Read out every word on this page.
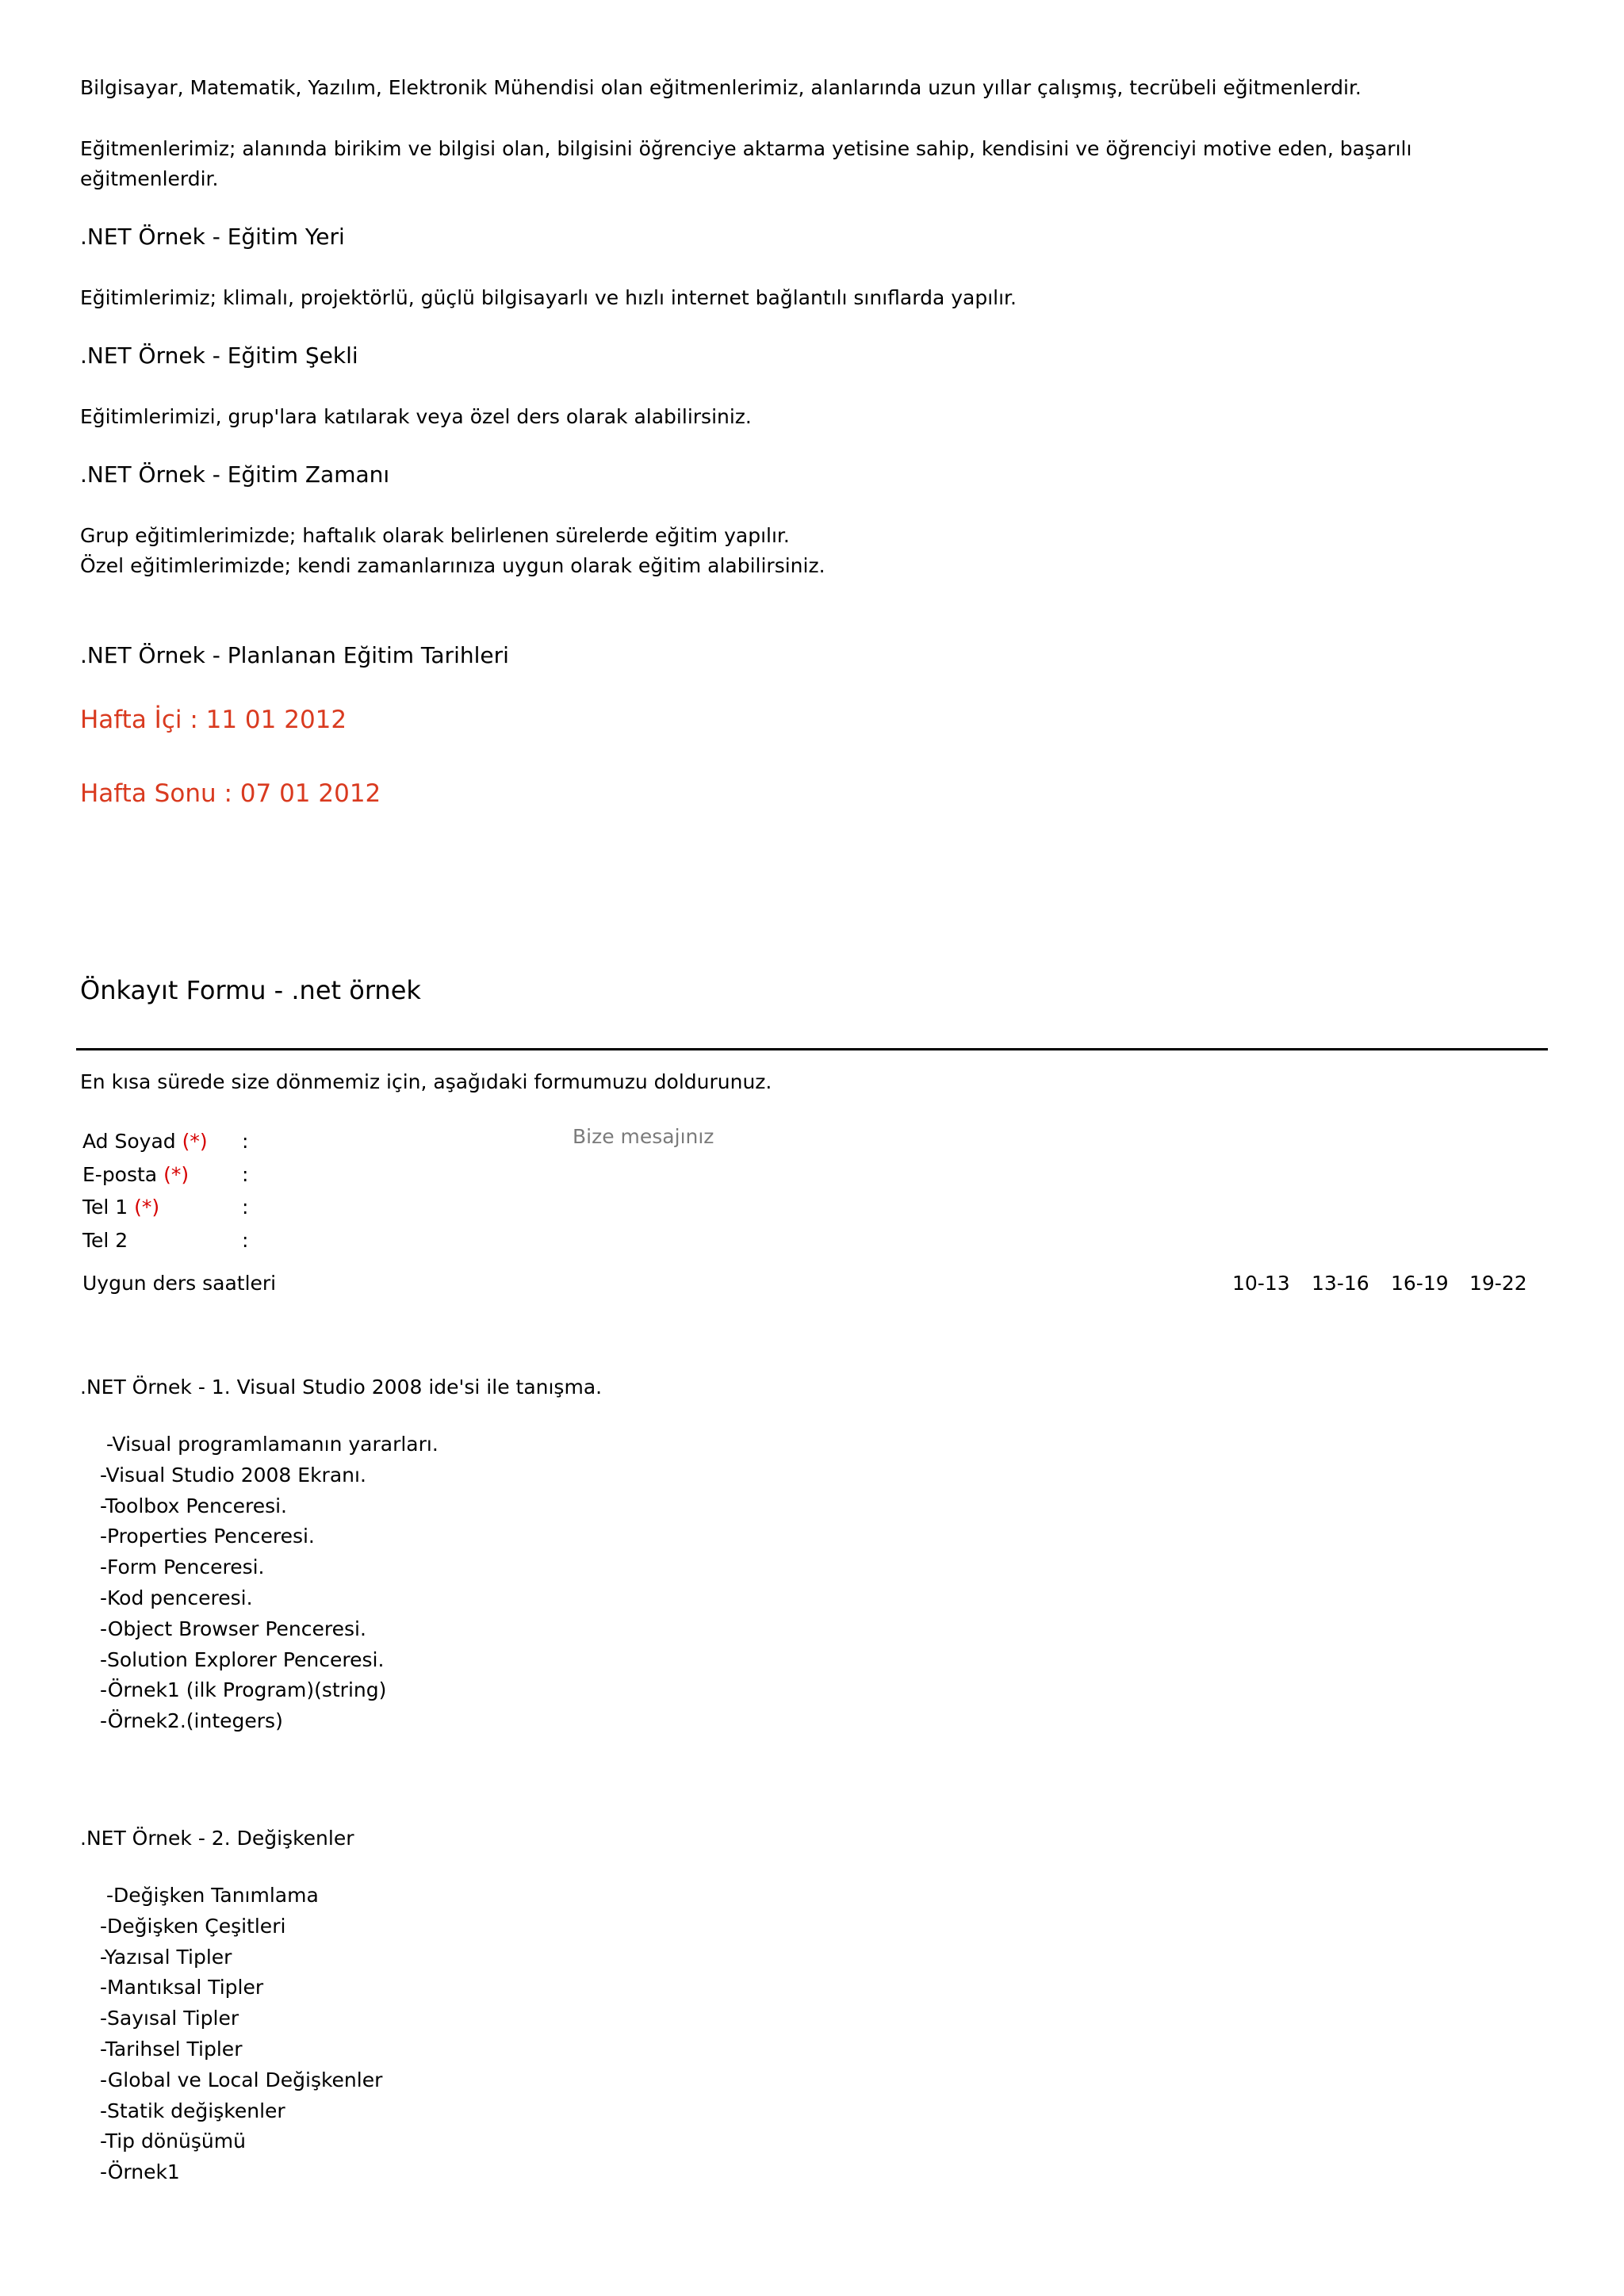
Bilgisayar, Matematik, Yazılım, Elektronik Mühendisi olan eğitmenlerimiz, alanlarında uzun yıllar çalışmış, tecrübeli eğitmenlerdir.
Eğitmenlerimiz; alanında birikim ve bilgisi olan, bilgisini öğrenciye aktarma yetisine sahip, kendisini ve öğrenciyi motive eden, başarılı
eğitmenlerdir.
.NET Örnek - Eğitim Yeri
Eğitimlerimiz; klimalı, projektörlü, güçlü bilgisayarlı ve hızlı internet bağlantılı sınıflarda yapılır.
.NET Örnek - Eğitim Şekli
Eğitimlerimizi, grup'lara katılarak veya özel ders olarak alabilirsiniz.
.NET Örnek - Eğitim Zamanı
Grup eğitimlerimizde; haftalık olarak belirlenen sürelerde eğitim yapılır.
Özel eğitimlerimizde; kendi zamanlarınıza uygun olarak eğitim alabilirsiniz.
.NET Örnek - Planlanan Eğitim Tarihleri
Hafta İçi : 11 01 2012
Hafta Sonu : 07 01 2012
Önkayıt Formu - .net örnek
En kısa sürede size dönmemiz için, aşağıdaki formumuzu doldurunuz.
Ad Soyad (*) :
E-posta (*)	:
Tel 1 (*)	:
Tel 2	:
Bize mesajınız
Uygun ders saatleri	10-13 13-16 16-19 19-22
.NET Örnek - 1. Visual Studio 2008 ide'si ile tanışma.
-Visual programlamanın yararları.
-Visual Studio 2008 Ekranı.
-Toolbox Penceresi.
-Properties Penceresi.
-Form Penceresi.
-Kod penceresi.
-Object Browser Penceresi.
-Solution Explorer Penceresi.
-Örnek1 (ilk Program)(string)
-Örnek2.(integers)
.NET Örnek - 2. Değişkenler
-Değişken Tanımlama
-Değişken Çeşitleri
-Yazısal Tipler
-Mantıksal Tipler
-Sayısal Tipler
-Tarihsel Tipler
-Global ve Local Değişkenler
-Statik değişkenler
-Tip dönüşümü
-Örnek1
